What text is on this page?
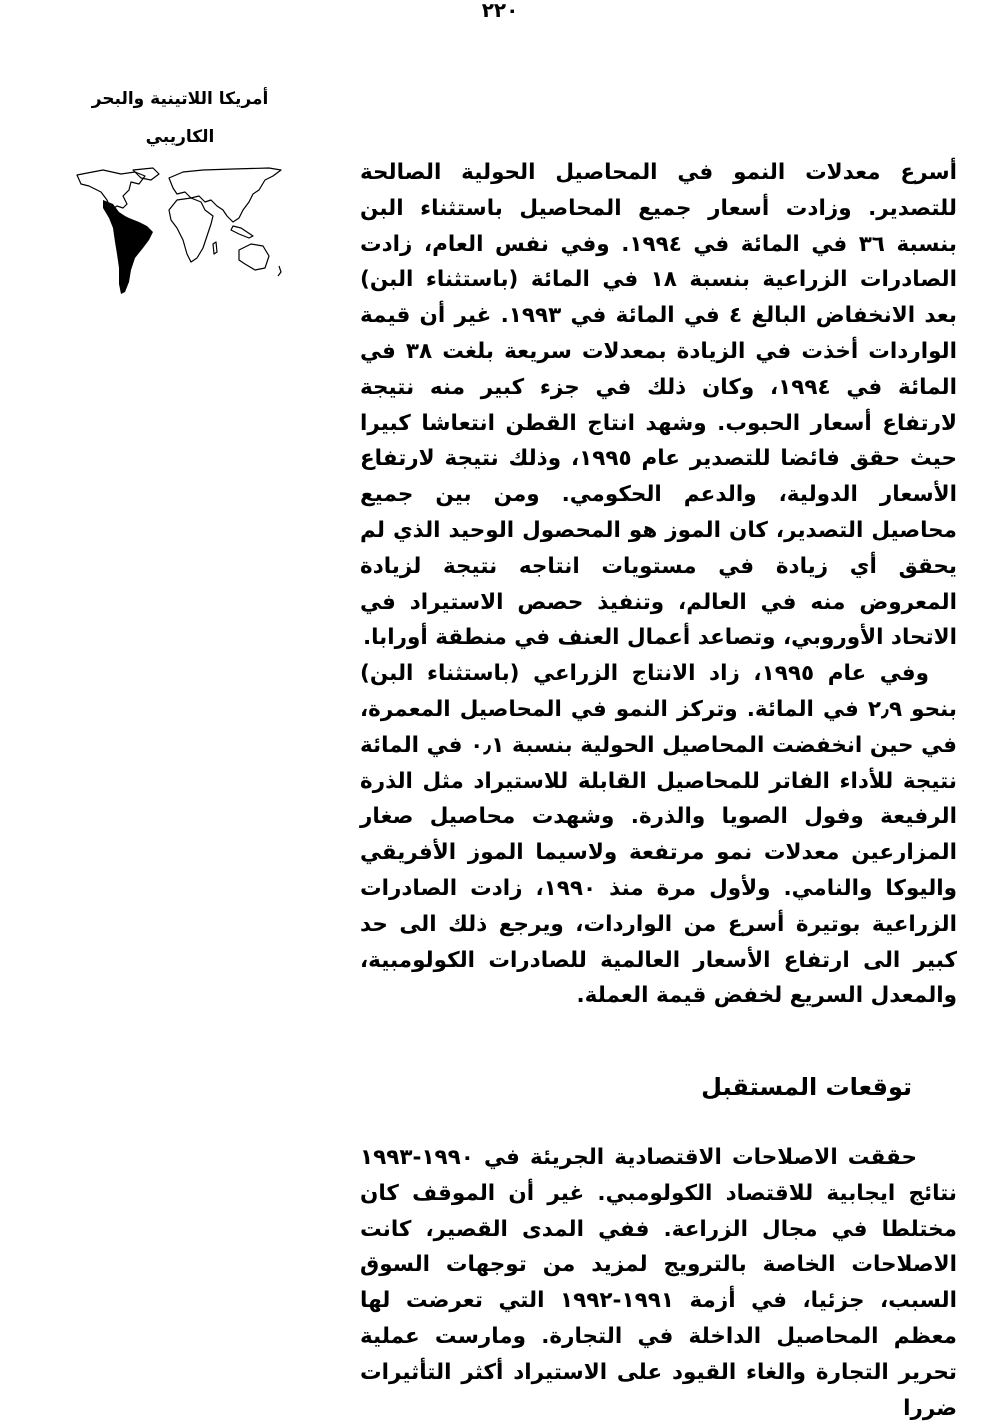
٢٢٠
أمريكا اللاتينية والبحر
الكاريبي

أسرع معدلات النمو في المحاصيل الحولية الصالحة للتصدير. وزادت أسعار جميع المحاصيل باستثناء البن بنسبة ٣٦ في المائة في ١٩٩٤. وفي نفس العام، زادت الصادرات الزراعية بنسبة ١٨ في المائة (باستثناء البن) بعد الانخفاض البالغ ٤ في المائة في ١٩٩٣. غير أن قيمة الواردات أخذت في الزيادة بمعدلات سريعة بلغت ٣٨ في المائة في ١٩٩٤، وكان ذلك في جزء كبير منه نتيجة لارتفاع أسعار الحبوب. وشهد انتاج القطن انتعاشا كبيرا حيث حقق فائضا للتصدير عام ١٩٩٥، وذلك نتيجة لارتفاع الأسعار الدولية، والدعم الحكومي. ومن بين جميع محاصيل التصدير، كان الموز هو المحصول الوحيد الذي لم يحقق أي زيادة في مستويات انتاجه نتيجة لزيادة المعروض منه في العالم، وتنفيذ حصص الاستيراد في الاتحاد الأوروبي، وتصاعد أعمال العنف في منطقة أورابا.

وفي عام ١٩٩٥، زاد الانتاج الزراعي (باستثناء البن) بنحو ٢٫٩ في المائة. وتركز النمو في المحاصيل المعمرة، في حين انخفضت المحاصيل الحولية بنسبة ٠٫١ في المائة نتيجة للأداء الفاتر للمحاصيل القابلة للاستيراد مثل الذرة الرفيعة وفول الصويا والذرة. وشهدت محاصيل صغار المزارعين معدلات نمو مرتفعة ولاسيما الموز الأفريقي واليوكا والنامي. ولأول مرة منذ ١٩٩٠، زادت الصادرات الزراعية بوتيرة أسرع من الواردات، ويرجع ذلك الى حد كبير الى ارتفاع الأسعار العالمية للصادرات الكولومبية، والمعدل السريع لخفض قيمة العملة.

توقعات المستقبل

حققت الاصلاحات الاقتصادية الجريئة في ١٩٩٠-١٩٩٣ نتائج ايجابية للاقتصاد الكولومبي. غير أن الموقف كان مختلطا في مجال الزراعة. ففي المدى القصير، كانت الاصلاحات الخاصة بالترويج لمزيد من توجهات السوق السبب، جزئيا، في أزمة ١٩٩١-١٩٩٢ التي تعرضت لها معظم المحاصيل الداخلة في التجارة. ومارست عملية تحرير التجارة والغاء القيود على الاستيراد أكثر التأثيرات ضررا
